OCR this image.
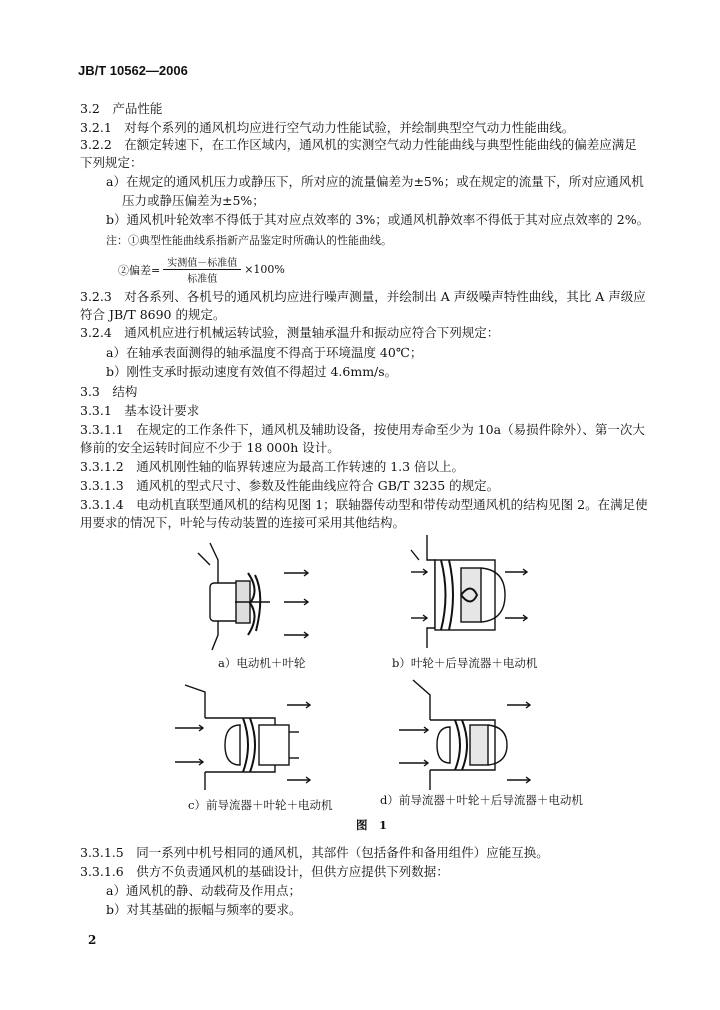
JB/T 10562—2006
3.2　产品性能
3.2.1　对每个系列的通风机均应进行空气动力性能试验，并绘制典型空气动力性能曲线。
3.2.2　在额定转速下，在工作区域内，通风机的实测空气动力性能曲线与典型性能曲线的偏差应满足
下列规定：
a）在规定的通风机压力或静压下，所对应的流量偏差为±5%；或在规定的流量下，所对应通风机
压力或静压偏差为±5%；
b）通风机叶轮效率不得低于其对应点效率的 3%；或通风机静效率不得低于其对应点效率的 2%。
注：①典型性能曲线系指新产品鉴定时所确认的性能曲线。
3.2.3　对各系列、各机号的通风机均应进行噪声测量，并绘制出 A 声级噪声特性曲线，其比 A 声级应
符合 JB/T 8690 的规定。
3.2.4　通风机应进行机械运转试验，测量轴承温升和振动应符合下列规定：
a）在轴承表面测得的轴承温度不得高于环境温度 40℃；
b）刚性支承时振动速度有效值不得超过 4.6mm/s。
3.3　结构
3.3.1　基本设计要求
3.3.1.1　在规定的工作条件下，通风机及辅助设备，按使用寿命至少为 10a（易损件除外）、第一次大
修前的安全运转时间应不少于 18 000h 设计。
3.3.1.2　通风机刚性轴的临界转速应为最高工作转速的 1.3 倍以上。
3.3.1.3　通风机的型式尺寸、参数及性能曲线应符合 GB/T 3235 的规定。
3.3.1.4　电动机直联型通风机的结构见图 1；联轴器传动型和带传动型通风机的结构见图 2。在满足使
用要求的情况下，叶轮与传动装置的连接可采用其他结构。
3.3.1.5　同一系列中机号相同的通风机，其部件（包括备件和备用组件）应能互换。
3.3.1.6　供方不负责通风机的基础设计，但供方应提供下列数据：
a）通风机的静、动载荷及作用点；
b）对其基础的振幅与频率的要求。
②偏差= $\frac{\text{实测值－标准值}}{\text{标准值}} \times 100\%$
a）电动机＋叶轮	b）叶轮＋后导流器＋电动机
c）前导流器＋叶轮＋电动机	d）前导流器＋叶轮＋后导流器＋电动机
图　1
2
